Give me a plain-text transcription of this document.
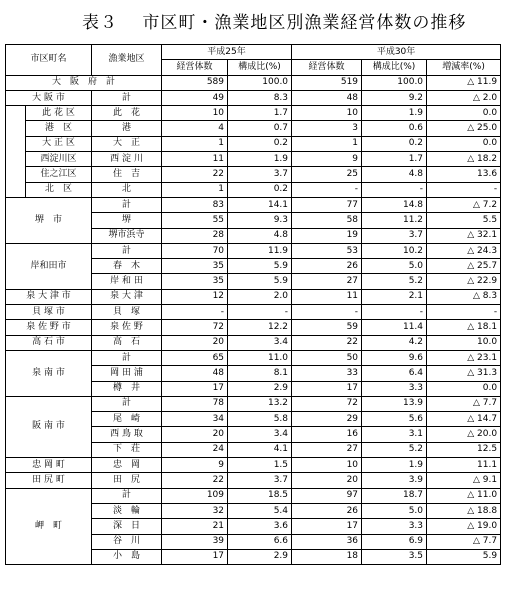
表３　 市区町・漁業地区別漁業経営体数の推移
市区町名		漁業地区	平成25年		平成30年		
			経営体数	構成比(%)	経営体数	構成比(%)	増減率(%)
大　阪　府　計			589	100.0	519	100.0	△ 11.9
大 阪 市		計	49	8.3	48	9.2	△ 2.0
	此 花 区	此　花	10	1.7	10	1.9	0.0
	港　区	港	4	0.7	3	0.6	△ 25.0
	大 正 区	大　正	1	0.2	1	0.2	0.0
	西淀川区	西 淀 川	11	1.9	9	1.7	△ 18.2
	住之江区	住　吉	22	3.7	25	4.8	13.6
	北　区	北	1	0.2	-	-	-
堺　市		計	83	14.1	77	14.8	△ 7.2
		堺	55	9.3	58	11.2	5.5
		堺市浜寺	28	4.8	19	3.7	△ 32.1
岸和田市		計	70	11.9	53	10.2	△ 24.3
		春　木	35	5.9	26	5.0	△ 25.7
		岸 和 田	35	5.9	27	5.2	△ 22.9
泉 大 津 市		泉 大 津	12	2.0	11	2.1	△ 8.3
貝 塚 市		貝　塚	-	-	-	-	-
泉 佐 野 市		泉 佐 野	72	12.2	59	11.4	△ 18.1
高 石 市		高　石	20	3.4	22	4.2	10.0
泉 南 市		計	65	11.0	50	9.6	△ 23.1
		岡 田 浦	48	8.1	33	6.4	△ 31.3
		樽　井	17	2.9	17	3.3	0.0
阪 南 市		計	78	13.2	72	13.9	△ 7.7
		尾　崎	34	5.8	29	5.6	△ 14.7
		西 鳥 取	20	3.4	16	3.1	△ 20.0
		下　荘	24	4.1	27	5.2	12.5
忠 岡 町		忠　岡	9	1.5	10	1.9	11.1
田 尻 町		田　尻	22	3.7	20	3.9	△ 9.1
岬　町		計	109	18.5	97	18.7	△ 11.0
		淡　輪	32	5.4	26	5.0	△ 18.8
		深　日	21	3.6	17	3.3	△ 19.0
		谷　川	39	6.6	36	6.9	△ 7.7
		小　島	17	2.9	18	3.5	5.9
